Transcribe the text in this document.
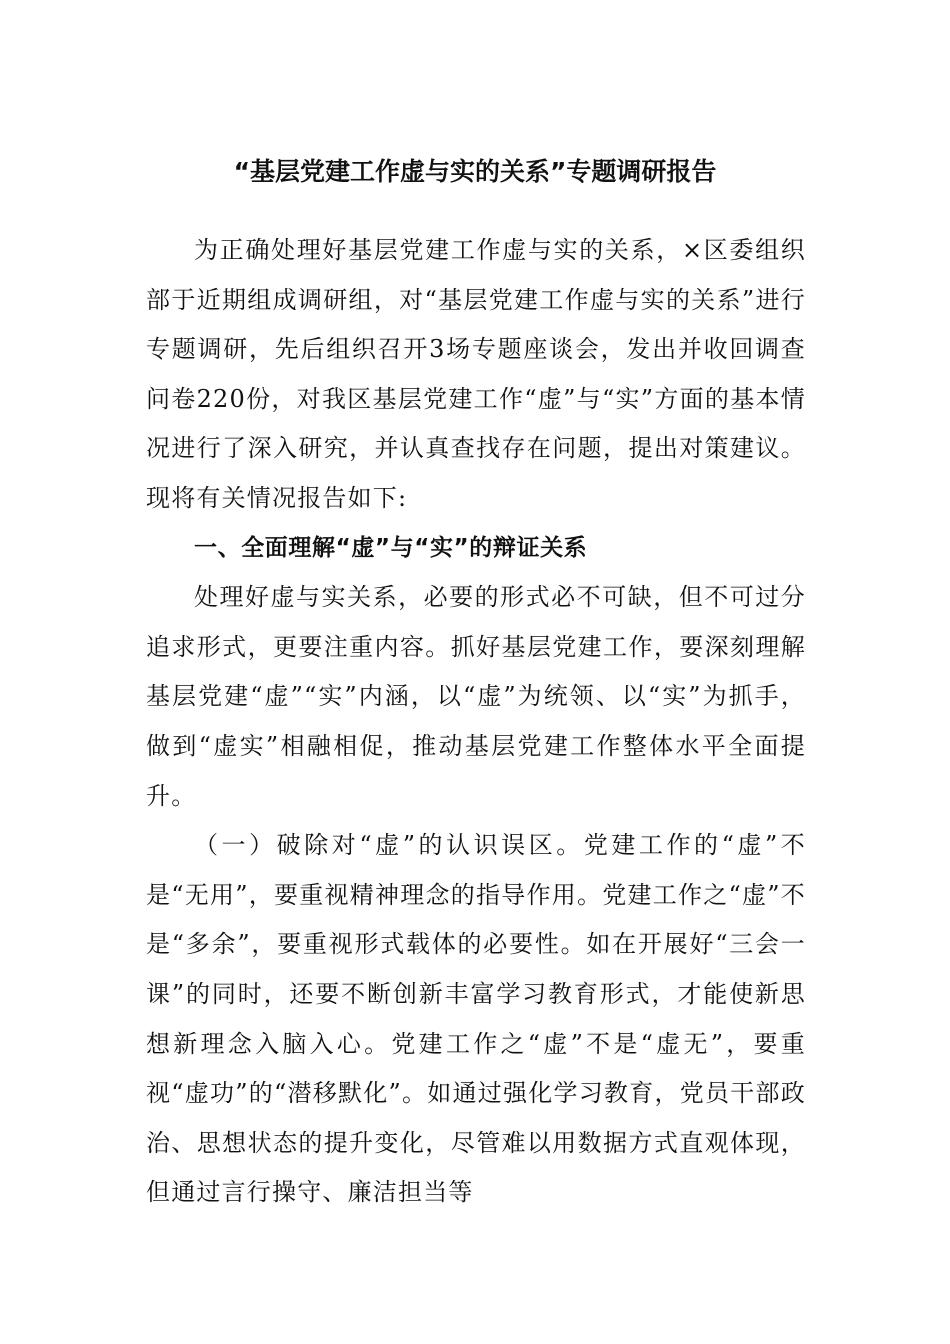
“基层党建工作虚与实的关系”专题调研报告

为正确处理好基层党建工作虚与实的关系，×区委组织部于近期组成调研组，对“基层党建工作虚与实的关系”进行专题调研，先后组织召开3场专题座谈会，发出并收回调查问卷220份，对我区基层党建工作“虚”与“实”方面的基本情况进行了深入研究，并认真查找存在问题，提出对策建议。现将有关情况报告如下:

一、全面理解“虚”与“实”的辩证关系

处理好虚与实关系，必要的形式必不可缺，但不可过分追求形式，更要注重内容。抓好基层党建工作，要深刻理解基层党建“虚”“实”内涵，以“虚”为统领、以“实”为抓手，做到“虚实”相融相促，推动基层党建工作整体水平全面提升。

（一）破除对“虚”的认识误区。党建工作的“虚”不是“无用”，要重视精神理念的指导作用。党建工作之“虚”不是“多余”，要重视形式载体的必要性。如在开展好“三会一课”的同时，还要不断创新丰富学习教育形式，才能使新思想新理念入脑入心。党建工作之“虚”不是“虚无”，要重视“虚功”的“潜移默化”。如通过强化学习教育，党员干部政治、思想状态的提升变化，尽管难以用数据方式直观体现，但通过言行操守、廉洁担当等
